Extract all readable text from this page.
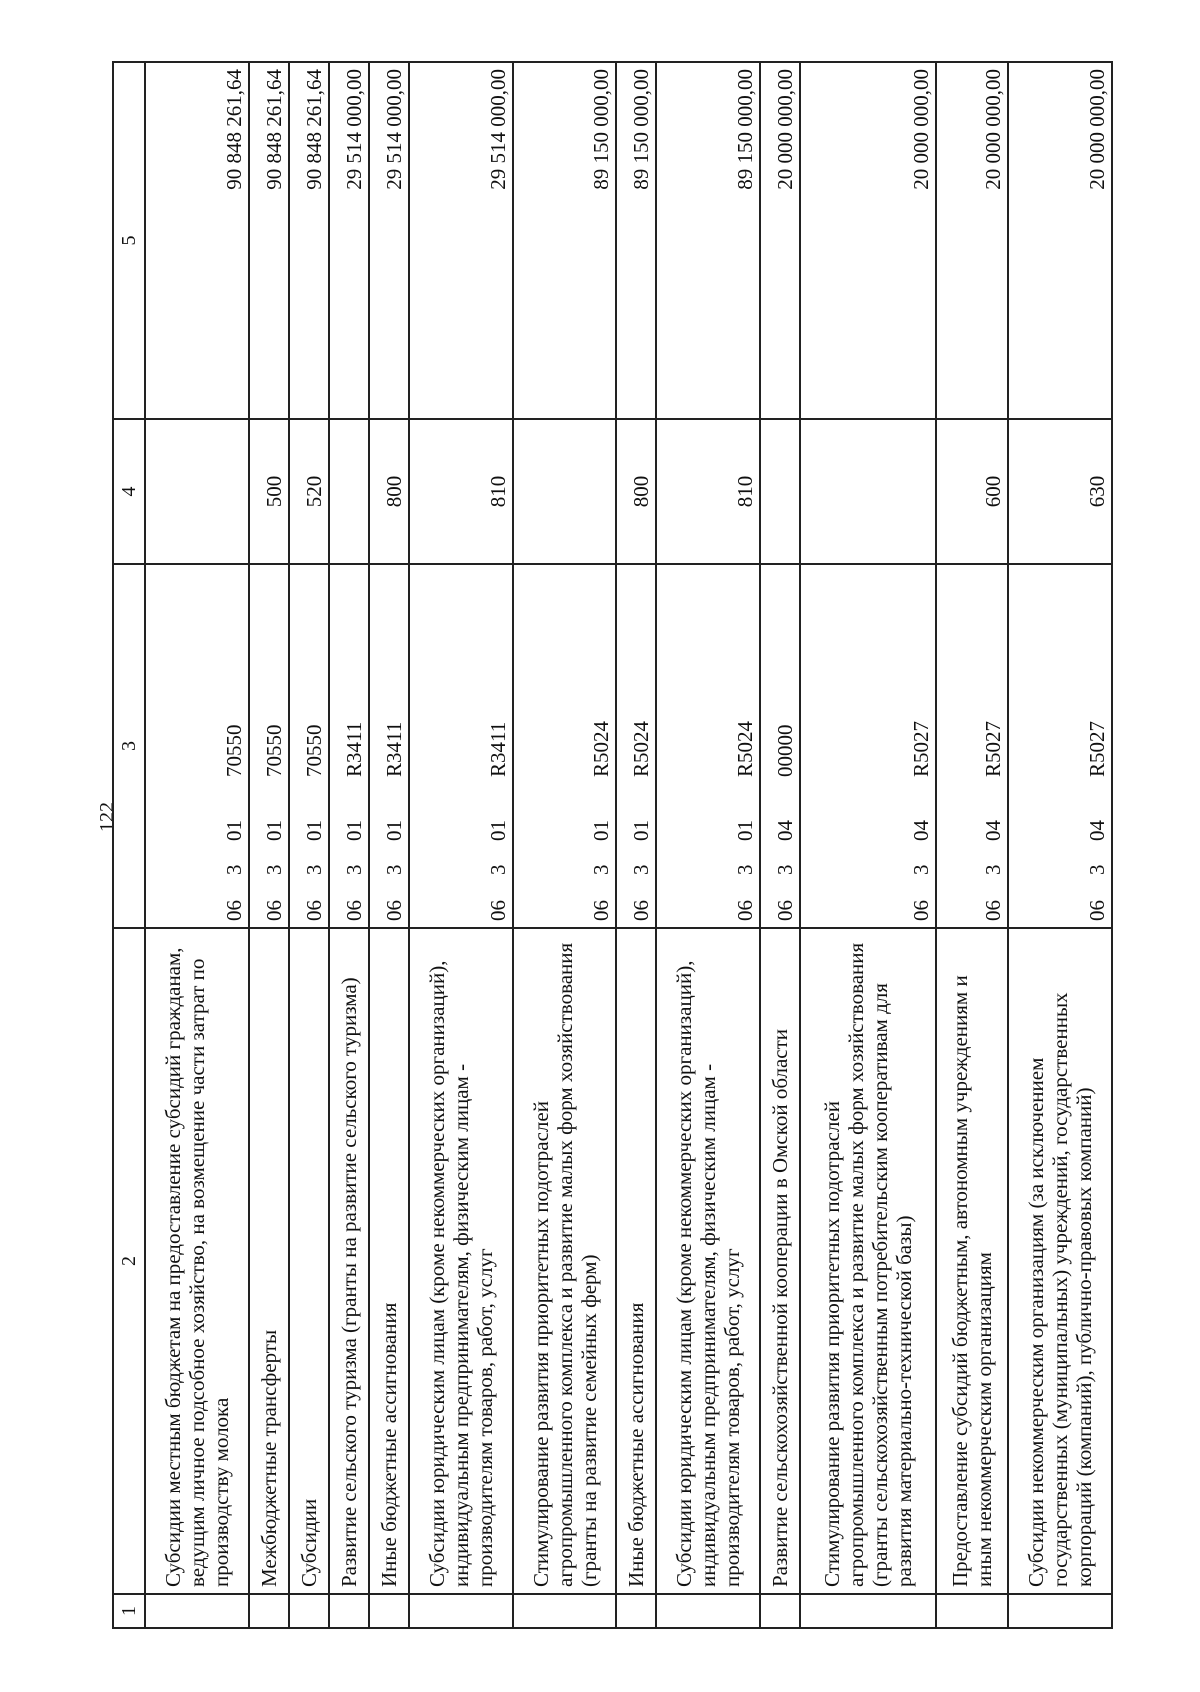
122
1	2	3	4	5
	Субсидии местным бюджетам на предоставление субсидий гражданам, ведущим личное подсобное хозяйство, на возмещение части затрат по производству молока	0630170550		90 848 261,64
	Межбюджетные трансферты	0630170550	500	90 848 261,64
	Субсидии	0630170550	520	90 848 261,64
	Развитие сельского туризма (гранты на развитие сельского туризма)	06301R3411		29 514 000,00
	Иные бюджетные ассигнования	06301R3411	800	29 514 000,00
	Субсидии юридическим лицам (кроме некоммерческих организаций), индивидуальным предпринимателям, физическим лицам - производителям товаров, работ, услуг	06301R3411	810	29 514 000,00
	Стимулирование развития приоритетных подотраслей агропромышленного комплекса и развитие малых форм хозяйствования (гранты на развитие семейных ферм)	06301R5024		89 150 000,00
	Иные бюджетные ассигнования	06301R5024	800	89 150 000,00
	Субсидии юридическим лицам (кроме некоммерческих организаций), индивидуальным предпринимателям, физическим лицам - производителям товаров, работ, услуг	06301R5024	810	89 150 000,00
	Развитие сельскохозяйственной кооперации в Омской области	0630400000		20 000 000,00
	Стимулирование развития приоритетных подотраслей агропромышленного комплекса и развитие малых форм хозяйствования (гранты сельскохозяйственным потребительским кооперативам для развития материально-технической базы)	06304R5027		20 000 000,00
	Предоставление субсидий бюджетным, автономным учреждениям и иным некоммерческим организациям	06304R5027	600	20 000 000,00
	Субсидии некоммерческим организациям (за исключением государственных (муниципальных) учреждений, государственных корпораций (компаний), публично-правовых компаний)	06304R5027	630	20 000 000,00
